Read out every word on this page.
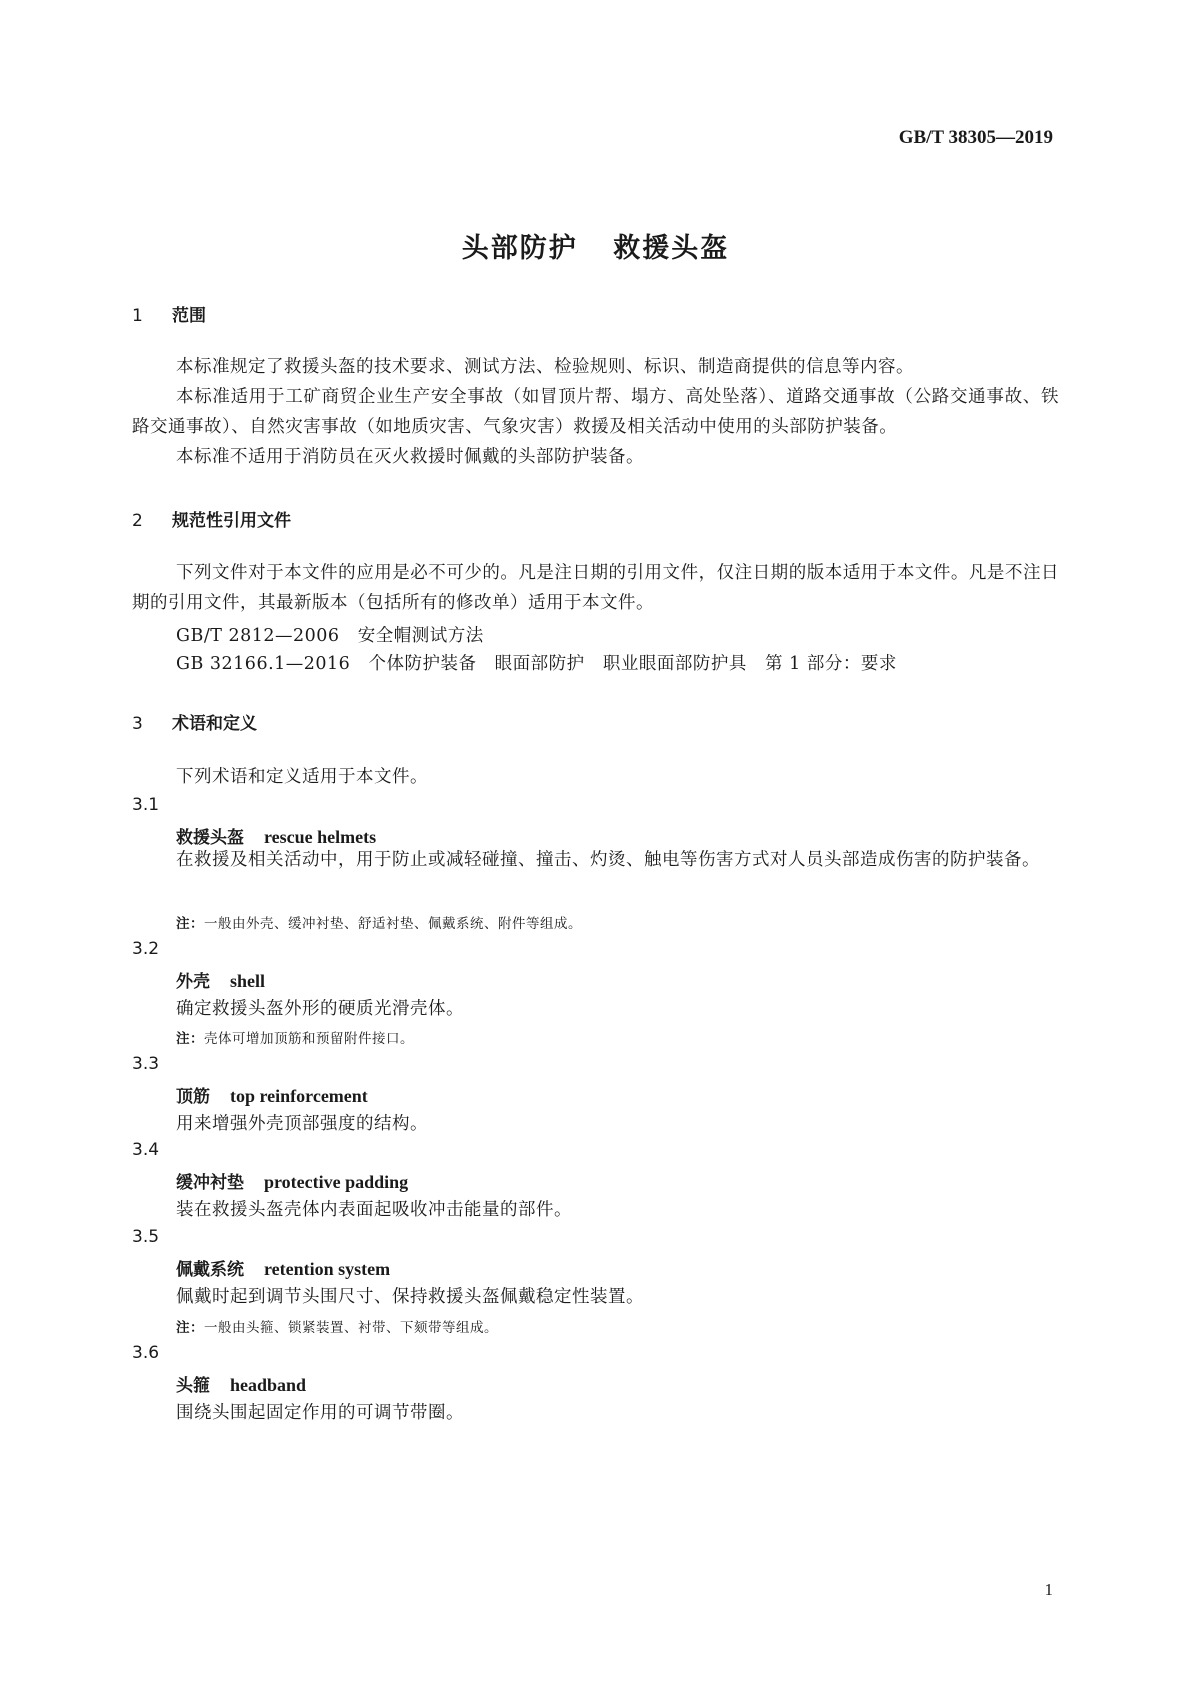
GB/T 38305—2019
头部防护 救援头盔
1 范围
本标准规定了救援头盔的技术要求、测试方法、检验规则、标识、制造商提供的信息等内容。
本标准适用于工矿商贸企业生产安全事故（如冒顶片帮、塌方、高处坠落）、道路交通事故（公路交通事故、铁路交通事故）、自然灾害事故（如地质灾害、气象灾害）救援及相关活动中使用的头部防护装备。
本标准不适用于消防员在灭火救援时佩戴的头部防护装备。
2 规范性引用文件
下列文件对于本文件的应用是必不可少的。凡是注日期的引用文件，仅注日期的版本适用于本文件。凡是不注日期的引用文件，其最新版本（包括所有的修改单）适用于本文件。
GB/T 2812—2006   安全帽测试方法
GB 32166.1—2016   个体防护装备   眼面部防护   职业眼面部防护具   第 1 部分：要求
3 术语和定义
下列术语和定义适用于本文件。
3.1
救援头盔 rescue helmets
在救援及相关活动中，用于防止或减轻碰撞、撞击、灼烫、触电等伤害方式对人员头部造成伤害的防护装备。
注：一般由外壳、缓冲衬垫、舒适衬垫、佩戴系统、附件等组成。
3.2
外壳 shell
确定救援头盔外形的硬质光滑壳体。
注：壳体可增加顶筋和预留附件接口。
3.3
顶筋 top reinforcement
用来增强外壳顶部强度的结构。
3.4
缓冲衬垫 protective padding
装在救援头盔壳体内表面起吸收冲击能量的部件。
3.5
佩戴系统 retention system
佩戴时起到调节头围尺寸、保持救援头盔佩戴稳定性装置。
注：一般由头箍、锁紧装置、衬带、下颏带等组成。
3.6
头箍 headband
围绕头围起固定作用的可调节带圈。
1
